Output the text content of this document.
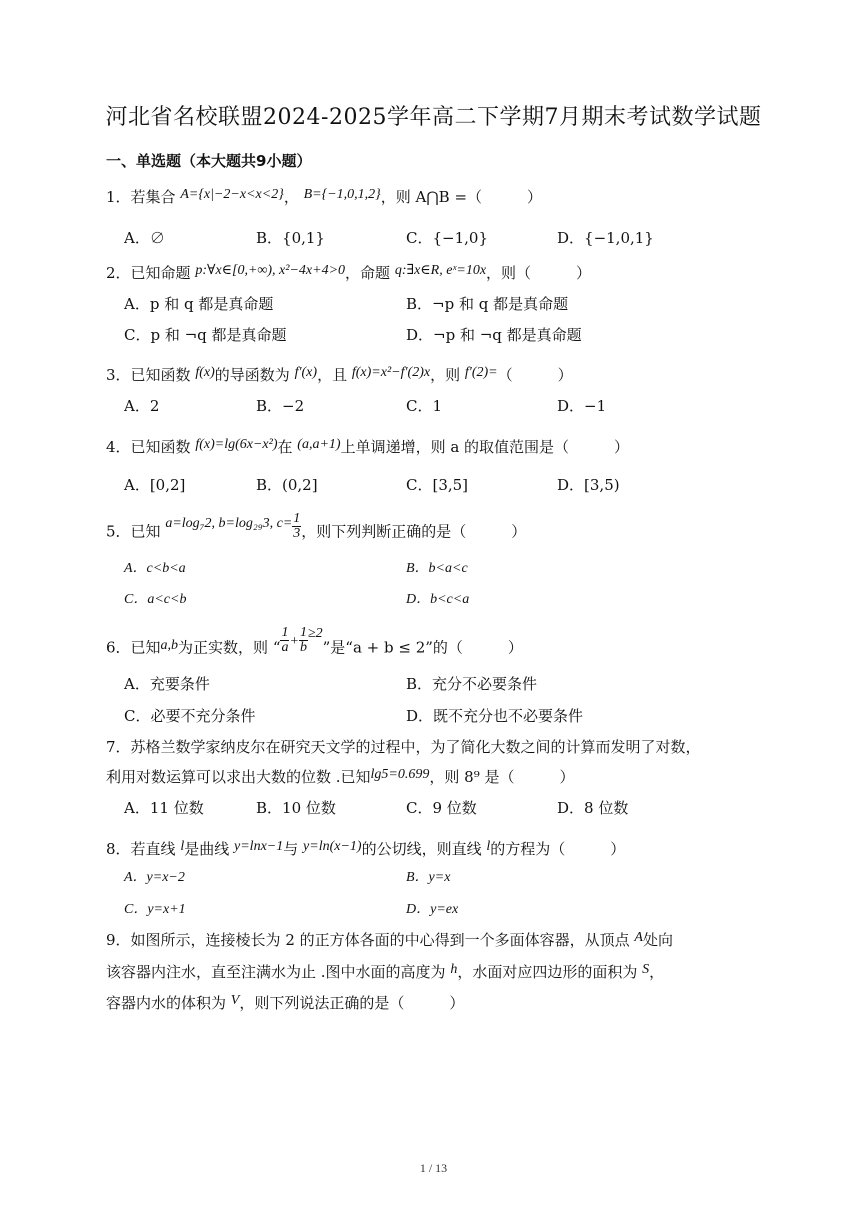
河北省名校联盟2024-2025学年高二下学期7月期末考试数学试题
一、单选题（本大题共9小题）
1．若集合 A={x|−2−x<x<2}， B={−1,0,1,2}，则 A⋂B =（　　　）
A．∅	B．{0,1}	C．{−1,0}	D．{−1,0,1}
2．已知命题 p:∀x∈[0,+∞), x²−4x+4>0，命题 q:∃x∈R, eˣ=10x，则（　　　）
A．p 和 q 都是真命题	B．¬p 和 q 都是真命题
C．p 和 ¬q 都是真命题	D．¬p 和 ¬q 都是真命题
3．已知函数 f(x)的导函数为 f′(x)，且 f(x)=x²−f′(2)x，则 f′(2)=（　　　）
A．2	B．−2	C．1	D．−1
4．已知函数 f(x)=lg(6x−x²)在 (a,a+1)上单调递增，则 a 的取值范围是（　　　）
A．[0,2]	B．(0,2]	C．[3,5]	D．[3,5)
5．已知 a=log₇2, b=log₂₉3, $c= \frac{1}{3}$ ，则下列判断正确的是（　　　）
A．c<b<a	B．b<a<c
C．a<c<b	D．b<c<a
6．已知a,b为正实数，则 “ $\frac{1}{a} + \frac{1}{b} \ge 2$”是“a + b ≤ 2”的（　　　）
A．充要条件	B．充分不必要条件
C．必要不充分条件	D．既不充分也不必要条件
7．苏格兰数学家纳皮尔在研究天文学的过程中，为了简化大数之间的计算而发明了对数，
利用对数运算可以求出大数的位数 .已知lg5=0.699，则 8⁹ 是（　　　）
A．11 位数	B．10 位数	C．9 位数	D．8 位数
8．若直线 l是曲线 y=lnx−1与 y=ln(x−1)的公切线，则直线 l的方程为（　　　）
A．y=x−2	B．y=x
C．y=x+1	D．y=ex
9．如图所示，连接棱长为 2 的正方体各面的中心得到一个多面体容器，从顶点 A处向
该容器内注水，直至注满水为止 .图中水面的高度为 h，水面对应四边形的面积为 S，
容器内水的体积为 V，则下列说法正确的是（　　　）
1 / 13
